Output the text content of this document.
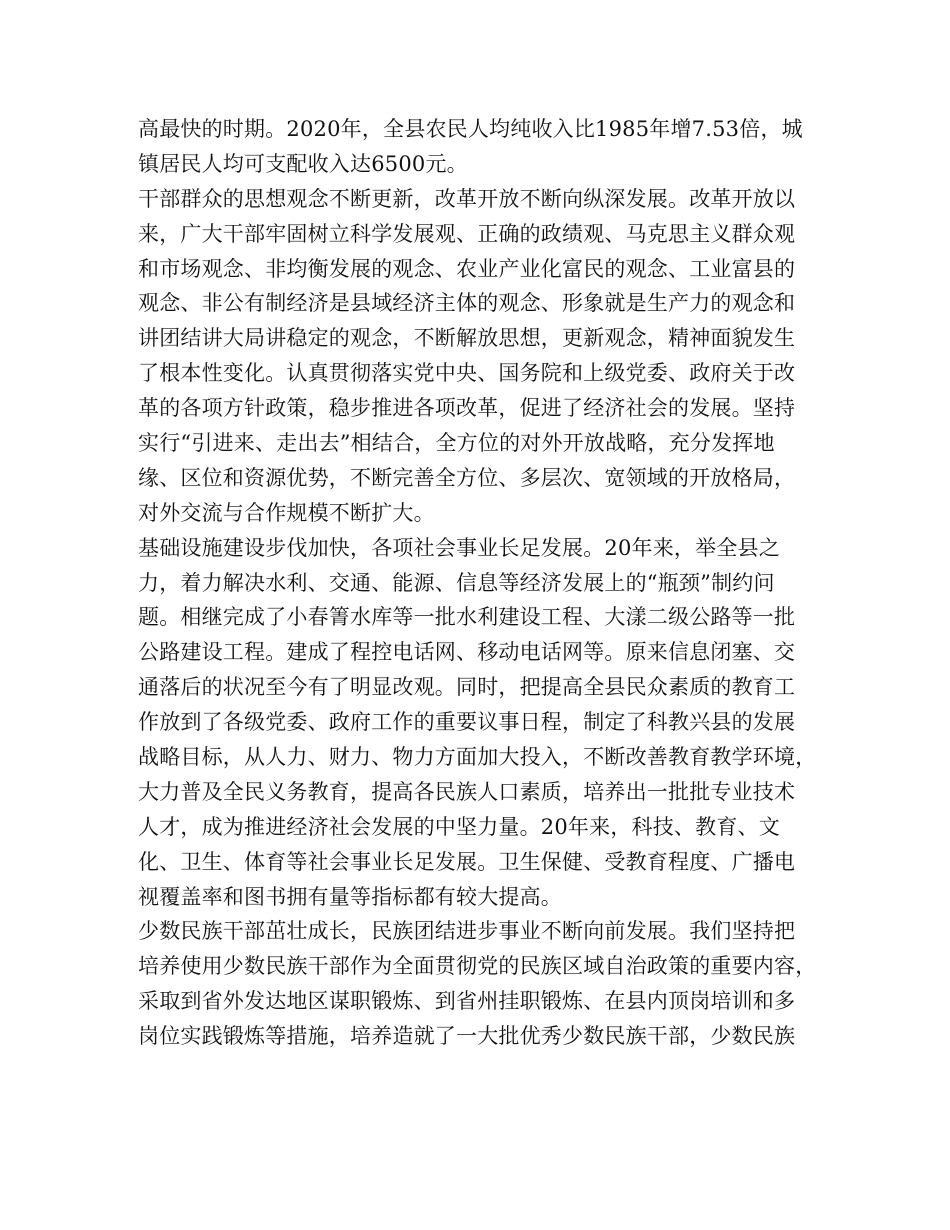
高最快的时期。2020年，全县农民人均纯收入比1985年增7.53倍，城
镇居民人均可支配收入达6500元。
干部群众的思想观念不断更新，改革开放不断向纵深发展。改革开放以
来，广大干部牢固树立科学发展观、正确的政绩观、马克思主义群众观
和市场观念、非均衡发展的观念、农业产业化富民的观念、工业富县的
观念、非公有制经济是县域经济主体的观念、形象就是生产力的观念和
讲团结讲大局讲稳定的观念，不断解放思想，更新观念，精神面貌发生
了根本性变化。认真贯彻落实党中央、国务院和上级党委、政府关于改
革的各项方针政策，稳步推进各项改革，促进了经济社会的发展。坚持
实行“引进来、走出去”相结合，全方位的对外开放战略，充分发挥地
缘、区位和资源优势，不断完善全方位、多层次、宽领域的开放格局，
对外交流与合作规模不断扩大。
基础设施建设步伐加快，各项社会事业长足发展。20年来，举全县之
力，着力解决水利、交通、能源、信息等经济发展上的“瓶颈”制约问
题。相继完成了小春箐水库等一批水利建设工程、大漾二级公路等一批
公路建设工程。建成了程控电话网、移动电话网等。原来信息闭塞、交
通落后的状况至今有了明显改观。同时，把提高全县民众素质的教育工
作放到了各级党委、政府工作的重要议事日程，制定了科教兴县的发展
战略目标，从人力、财力、物力方面加大投入，不断改善教育教学环境，
大力普及全民义务教育，提高各民族人口素质，培养出一批批专业技术
人才，成为推进经济社会发展的中坚力量。20年来，科技、教育、文
化、卫生、体育等社会事业长足发展。卫生保健、受教育程度、广播电
视覆盖率和图书拥有量等指标都有较大提高。
少数民族干部茁壮成长，民族团结进步事业不断向前发展。我们坚持把
培养使用少数民族干部作为全面贯彻党的民族区域自治政策的重要内容，
采取到省外发达地区谋职锻炼、到省州挂职锻炼、在县内顶岗培训和多
岗位实践锻炼等措施，培养造就了一大批优秀少数民族干部，少数民族
